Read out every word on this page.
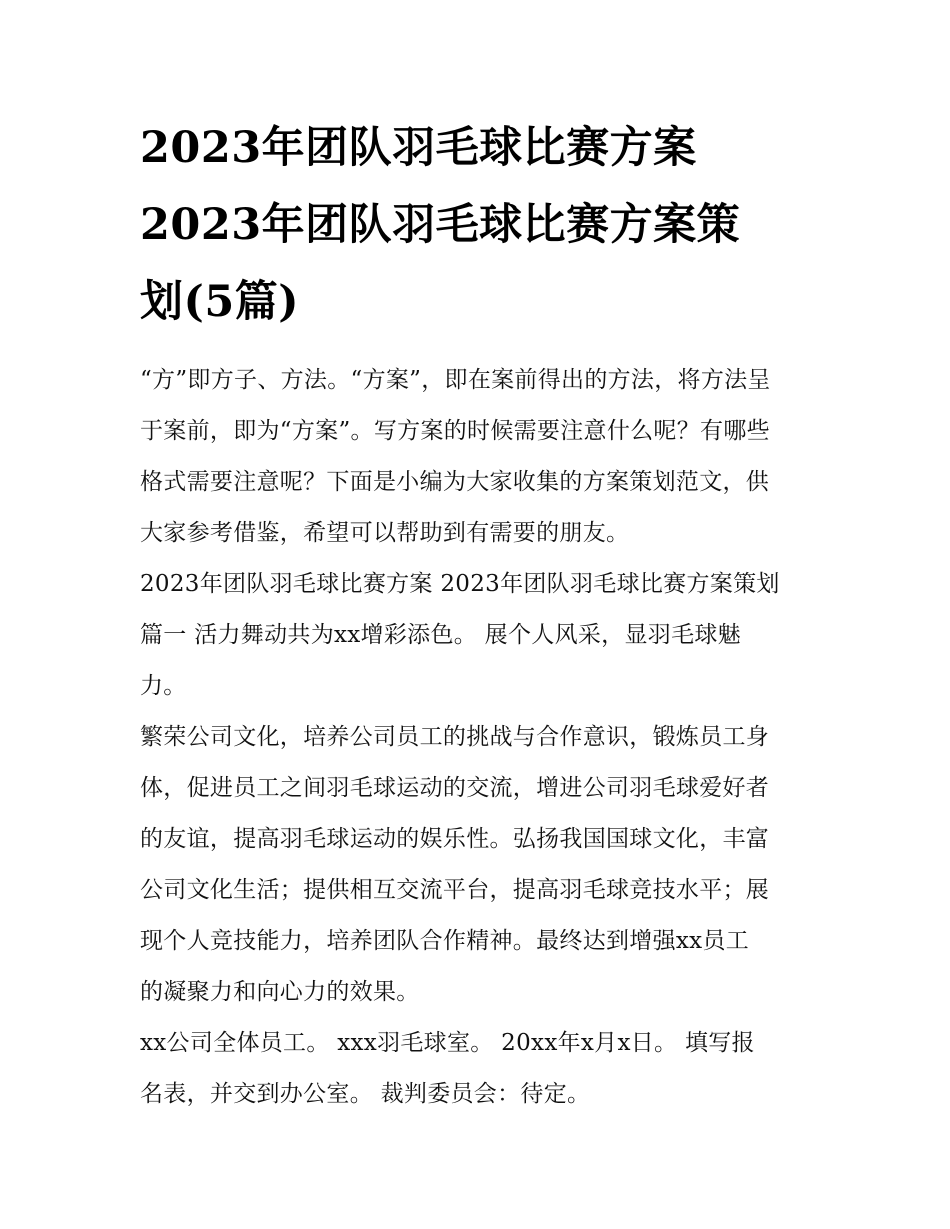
2023年团队羽毛球比赛方案
2023年团队羽毛球比赛方案策
划(5篇)

“方”即方子、方法。“方案”，即在案前得出的方法，将方法呈
于案前，即为“方案”。写方案的时候需要注意什么呢？有哪些
格式需要注意呢？下面是小编为大家收集的方案策划范文，供
大家参考借鉴，希望可以帮助到有需要的朋友。

2023年团队羽毛球比赛方案 2023年团队羽毛球比赛方案策划
篇一 活力舞动共为xx增彩添色。 展个人风采，显羽毛球魅
力。

繁荣公司文化，培养公司员工的挑战与合作意识，锻炼员工身
体，促进员工之间羽毛球运动的交流，增进公司羽毛球爱好者
的友谊，提高羽毛球运动的娱乐性。弘扬我国国球文化，丰富
公司文化生活；提供相互交流平台，提高羽毛球竞技水平；展
现个人竞技能力，培养团队合作精神。最终达到增强xx员工
的凝聚力和向心力的效果。

xx公司全体员工。 xxx羽毛球室。 20xx年x月x日。 填写报
名表，并交到办公室。 裁判委员会：待定。
